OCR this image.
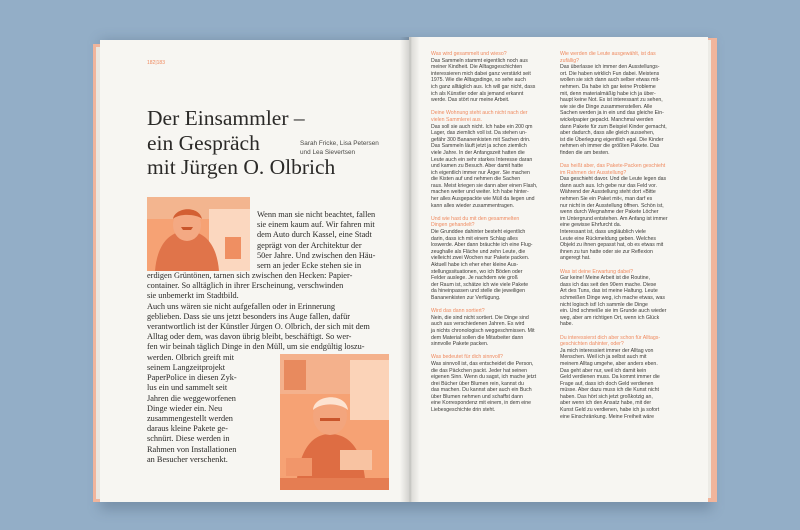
182|183
Der Einsammler –
ein Gespräch
mit Jürgen O. Olbrich
Sarah Fricke, Lisa Petersen
und Lea Sievertsen
Wenn man sie nicht beachtet, fallen
sie einem kaum auf. Wir fahren mit
dem Auto durch Kassel, eine Stadt
geprägt von der Architektur der
50er Jahre. Und zwischen den Häu-
sern an jeder Ecke stehen sie in
erdigen Grüntönen, tarnen sich zwischen den Hecken: Papier-
container. So alltäglich in ihrer Erscheinung, verschwinden
sie unbemerkt im Stadtbild.
Auch uns wären sie nicht aufgefallen oder in Erinnerung
geblieben. Dass sie uns jetzt besonders ins Auge fallen, dafür
verantwortlich ist der Künstler Jürgen O. Olbrich, der sich mit dem
Alltag oder dem, was davon übrig bleibt, beschäftigt. So wer-
fen wir beinah täglich Dinge in den Müll, um sie endgültig loszu-
werden. Olbrich greift mit
seinem Langzeitprojekt
PaperPolice in diesen Zyk-
lus ein und sammelt seit
Jahren die weggeworfenen
Dinge wieder ein. Neu
zusammengestellt werden
daraus kleine Pakete ge-
schnürt. Diese werden in
Rahmen von Installationen
an Besucher verschenkt.
Was wird gesammelt und wieso?
Das Sammeln stammt eigentlich noch aus
meiner Kindheit. Die Alltagsgeschichten
interessieren mich dabei ganz verstärkt seit
1975. Wie die Alltagsdinge, so sehe auch
ich ganz alltäglich aus. Ich will gar nicht, dass
ich als Künstler oder als jemand erkannt
werde. Das stört nur meine Arbeit.

Deine Wohnung steht auch nicht nach der
vielen Sammlerei aus.
Das soll sie auch nicht. Ich habe ein 200 qm
Lager, das ziemlich voll ist. Da stehen un-
gefähr 300 Bananenkisten mit Sachen drin.
Das Sammeln läuft jetzt ja schon ziemlich
viele Jahre. In der Anfangszeit hatten die
Leute auch ein sehr starkes Interesse daran
und kamen zu Besuch. Aber damit hatte
ich eigentlich immer nur Ärger. Sie machen
die Kisten auf und nehmen die Sachen
raus. Meist kriegen sie dann aber einen Flash,
machen weiter und weiter. Ich habe hinter-
her alles Ausgepackte wie Müll da liegen und
kann alles wieder zusammentragen.

Und wie hast du mit den gesammelten
Dingen gehandelt?
Die Grunddee dahinter besteht eigentlich
darin, dass ich mit einem Schlag alles
loswerde. Aber dann bräuchte ich eine Flug-
zeughalle als Fläche und zehn Leute, die
vielleicht zwei Wochen nur Pakete packen.
Aktuell habe ich eher eher kleine Aus-
stellungssituationen, wo ich Böden oder
Felder auslege. Je nachdem wie groß
der Raum ist, schätze ich wie viele Pakete
da hineinpassen und stelle die jeweiligen
Bananenkisten zur Verfügung.

Wird das dann sortiert?
Nein, die sind nicht sortiert. Die Dinge sind
auch aus verschiedenen Jahren. Es wird
ja nichts chronologisch weggeschmissen. Mit
dem Material sollen die Mitarbeiter dann
sinnvolle Pakete packen.

Was bedeutet für dich sinnvoll?
Was sinnvoll ist, das entscheidet die Person,
die das Päckchen packt. Jeder hat seinen
eigenen Sinn. Wenn du sagst, ich mache jetzt
drei Bücher über Blumen rein, kannst du
das machen. Du kannst aber auch ein Buch
über Blumen nehmen und schaffst dann
eine Korrespondenz mit einem, in dem eine
Liebesgeschichte drin steht.
Wie werden die Leute ausgewählt, ist das
zufällig?
Das überlasse ich immer den Ausstellungs-
ort. Die haben wirklich Fun dabei. Meistens
wollen sie sich dann auch selber etwas mit-
nehmen. Da habe ich gar keine Probleme
mit, denn materialmäßig habe ich ja über-
haupt keine Not. Es ist interessant zu sehen,
wie sie die Dinge zusammenstellen. Alle
Sachen werden ja in ein und das gleiche Ein-
wickelpapier gepackt. Manchmal werden
dann Pakete für zum Beispiel Kinder gemacht,
aber dadurch, dass alle gleich aussehen,
ist die Überlegung eigentlich egal. Die Kinder
nehmen eh immer die größten Pakete. Das
finden die am besten.

Das heißt aber, das Pakete-Packen geschieht
im Rahmen der Ausstellung?
Das geschieht davor. Und die Leute legen das
dann auch aus. Ich gebe nur das Feld vor.
Während der Ausstellung steht dort »Bitte
nehmen Sie ein Paket mit«, man darf es
nur nicht in der Ausstellung öffnen. Schön ist,
wenn durch Wegnahme der Pakete Löcher
im Untergrund entstehen. Am Anfang ist immer
eine gewisse Ehrfurcht da.
Interessant ist, dass ungläublich viele
Leute eine Rückmeldung geben. Welches
Objekt zu ihnen gepasst hat, ob es etwas mit
ihnen zu tun hatte oder sie zur Reflexion
angeregt hat.

Was ist deine Erwartung dabei?
Gar keine! Meine Arbeit ist die Routine,
dass ich das seit den 90ern mache. Diese
Art des Tuns, das ist meine Haltung. Leute
schmeißen Dinge weg, ich mache etwas, was
nicht logisch ist! Ich sammle die Dinge
ein. Und schmeiße sie im Grunde auch wieder
weg, aber am richtigen Ort, wenn ich Glück
habe.

Du interessierst dich aber schon für Alltags-
geschichten dahinter, oder?
Ja mich interessiert immer der Alltag von
Menschen. Weil ich ja selbst auch mit
meinem Alltag umgehe, aber anders eben.
Das geht aber nur, weil ich damit kein
Geld verdienen muss. Da kommt immer die
Frage auf, dass ich doch Geld verdienen
müsse. Aber dazu muss ich die Kunst nicht
haben. Das hört sich jetzt großkotzig an,
aber wenn ich den Ansatz habe, mit der
Kunst Geld zu verdienen, habe ich ja sofort
eine Einschränkung. Meine Freiheit wäre
